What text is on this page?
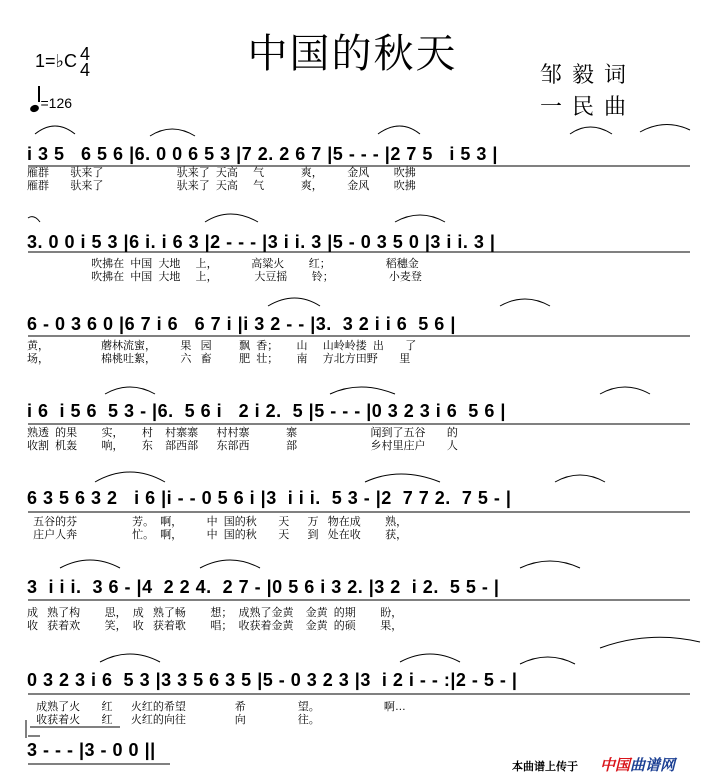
中国的秋天
1=♭C 4
4
=126
邹毅词
一民曲
i 3 5   6 5 6 |6. 0 0 6 5 3 |7 2. 2 6 7 |5 - - - |2 7 5   i 5 3 |
雁群       驮来了                        驮来了  天高     气            爽，        金风        吹拂
雁群       驮来了                        驮来了  天高     气            爽，        金风        吹拂
3. 0 0 i 5 3 |6 i. i 6 3 |2 - - - |3 i i. 3 |5 - 0 3 5 0 |3 i i. 3 |
吹拂在  中国  大地     上，           高粱火        红；                  稻穗金
吹拂在  中国  大地     上，            大豆摇        铃；                  小麦登
6 - 0 3 6 0 |6 7 i 6   6 7 i |i 3 2 - - |3.  3 2 i i 6  5 6 |
黄，                 蘑林流蜜，        果   园         飘  香；      山     山岭岭搂  出       了
场，                 棉桃吐絮，        六   畜         肥  壮；      南     方北方田野       里
i 6  i 5 6  5 3 - |6.  5 6 i   2 i 2.  5 |5 - - - |0 3 2 3 i 6  5 6 |
熟透  的果        实，      村    村寨寨      村村寨            寨                        闻到了五谷       的
收割  机轰        响，      东    部西部      东部西            部                        乡村里庄户       人
6 3 5 6 3 2   i 6 |i - - 0 5 6 i |3  i i i.  5 3 - |2  7 7 2.  7 5 - |
五谷的芬                  芳。  啊，        中  国的秋       天      万   物在成        熟，
庄户人奔                  忙。  啊，        中  国的秋       天      到   处在收        获，
3  i i i.  3 6 - |4  2 2 4.  2 7 - |0 5 6 i 3 2. |3 2  i 2.  5 5 - |
成   熟了构        思，  成   熟了畅        想；  成熟了金黄    金黄  的期        盼，
收   获着欢        笑，  收   获着歌        唱；  收获着金黄    金黄  的硕        果，
0 3 2 3 i 6  5 3 |3 3 5 6 3 5 |5 - 0 3 2 3 |3  i 2 i - - :|2 - 5 - |
成熟了火       红      火红的希望                希                 望。                     啊…
收获着火       红      火红的向往                向                 往。
3 - - - |3 - 0 0 ||
本曲谱上传于 中国曲谱网
